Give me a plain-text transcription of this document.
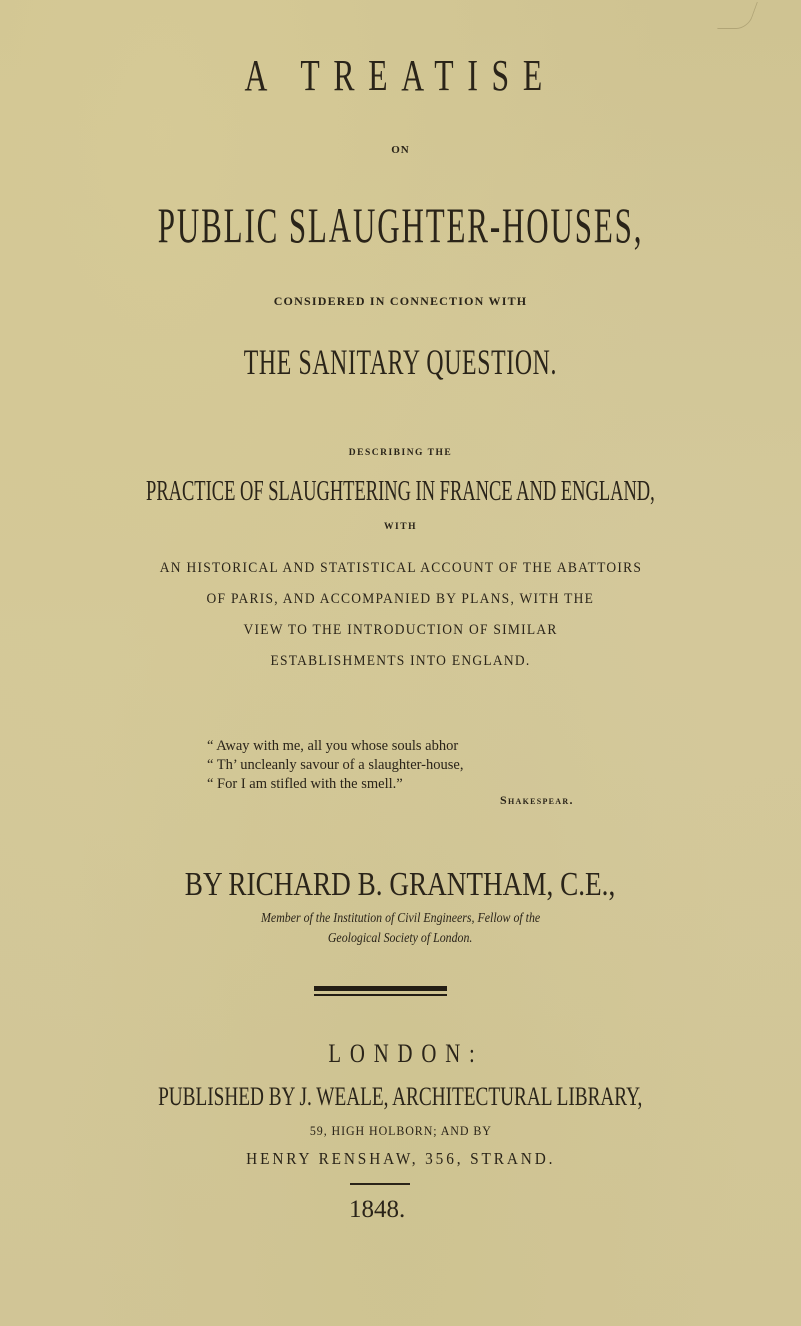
A TREATISE
ON
PUBLIC SLAUGHTER-HOUSES,
CONSIDERED IN CONNECTION WITH
THE SANITARY QUESTION.
DESCRIBING THE
PRACTICE OF SLAUGHTERING IN FRANCE AND ENGLAND,
WITH
AN HISTORICAL AND STATISTICAL ACCOUNT OF THE ABATTOIRS
OF PARIS, AND ACCOMPANIED BY PLANS, WITH THE
VIEW TO THE INTRODUCTION OF SIMILAR
ESTABLISHMENTS INTO ENGLAND.
“ Away with me, all you whose souls abhor
“ Th’ uncleanly savour of a slaughter-house,
“ For I am stifled with the smell.”
Shakespear.
BY RICHARD B. GRANTHAM, C.E.,
Member of the Institution of Civil Engineers, Fellow of the
Geological Society of London.
LONDON:
PUBLISHED BY J. WEALE, ARCHITECTURAL LIBRARY,
59, HIGH HOLBORN; AND BY
HENRY RENSHAW, 356, STRAND.
1848.
